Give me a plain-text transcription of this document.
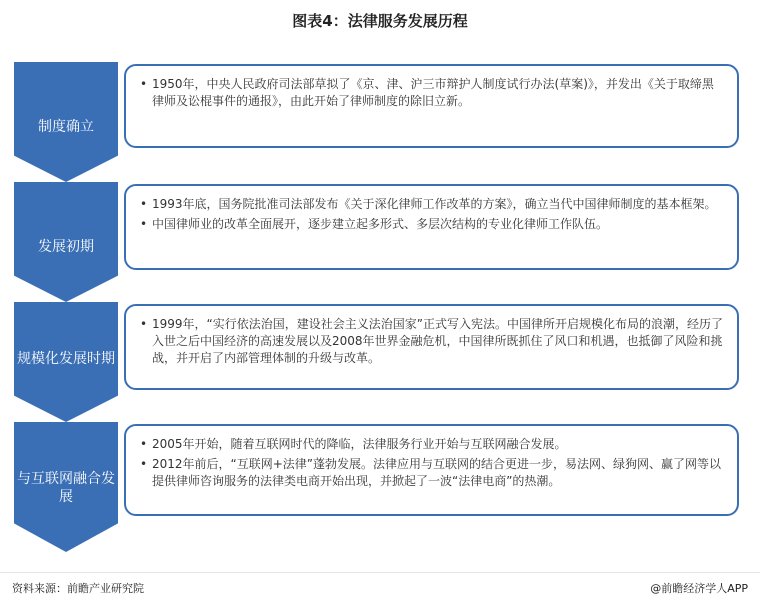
图表4：法律服务发展历程
制度确立
• 1950年，中央人民政府司法部草拟了《京、津、沪三市辩护人制度试行办法(草案)》，并发出《关于取缔黑律师及讼棍事件的通报》，由此开始了律师制度的除旧立新。
发展初期
• 1993年底，国务院批准司法部发布《关于深化律师工作改革的方案》，确立当代中国律师制度的基本框架。
• 中国律师业的改革全面展开，逐步建立起多形式、多层次结构的专业化律师工作队伍。
规模化发展时期
• 1999年，“实行依法治国，建设社会主义法治国家”正式写入宪法。中国律所开启规模化布局的浪潮，经历了入世之后中国经济的高速发展以及2008年世界金融危机，中国律所既抓住了风口和机遇，也抵御了风险和挑战，并开启了内部管理体制的升级与改革。
与互联网融合发展
• 2005年开始，随着互联网时代的降临，法律服务行业开始与互联网融合发展。
• 2012年前后，“互联网+法律”蓬勃发展。法律应用与互联网的结合更进一步，易法网、绿狗网、赢了网等以提供律师咨询服务的法律类电商开始出现，并掀起了一波“法律电商”的热潮。
资料来源：前瞻产业研究院	@前瞻经济学人APP
